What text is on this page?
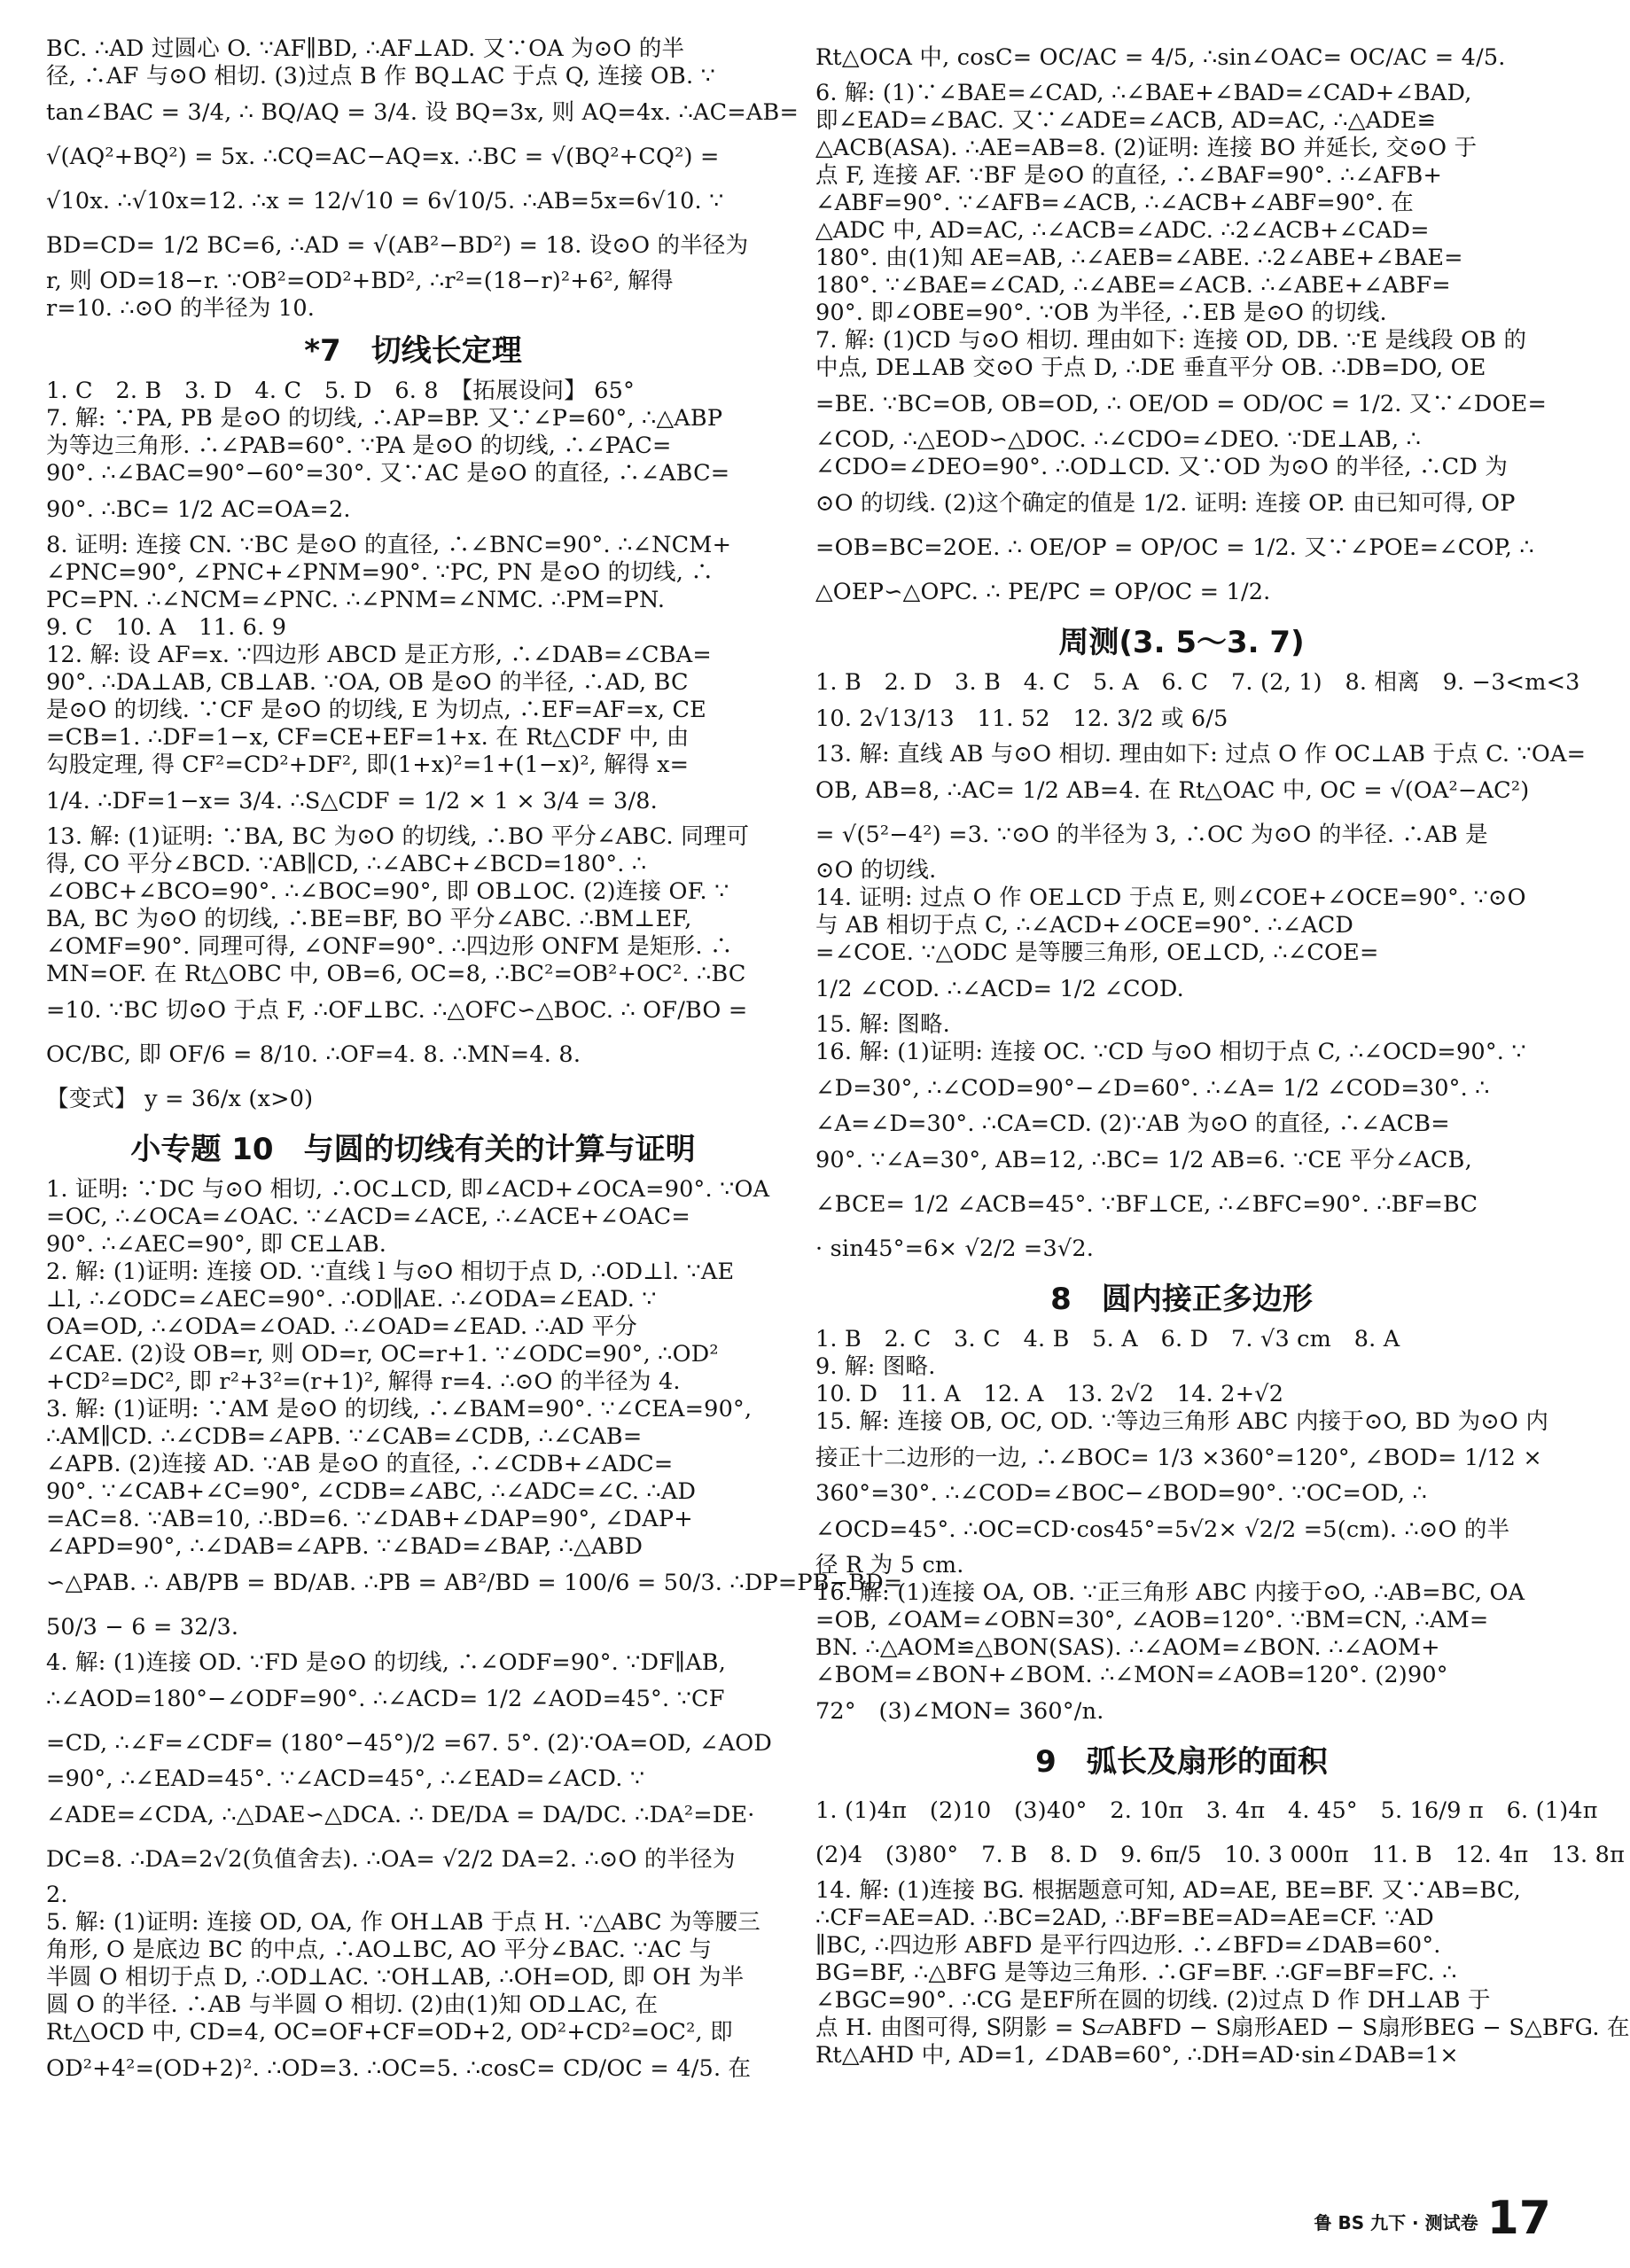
BC. ∴AD 过圆心 O. ∵AF∥BD, ∴AF⊥AD. 又∵OA 为⊙O 的半
径, ∴AF 与⊙O 相切. (3)过点 B 作 BQ⊥AC 于点 Q, 连接 OB. ∵
tan∠BAC = 3/4, ∴ BQ/AQ = 3/4. 设 BQ=3x, 则 AQ=4x. ∴AC=AB=
√(AQ²+BQ²) = 5x. ∴CQ=AC−AQ=x. ∴BC = √(BQ²+CQ²) =
√10x. ∴√10x=12. ∴x = 12/√10 = 6√10/5. ∴AB=5x=6√10. ∵
BD=CD= 1/2 BC=6, ∴AD = √(AB²−BD²) = 18. 设⊙O 的半径为
r, 则 OD=18−r. ∵OB²=OD²+BD², ∴r²=(18−r)²+6², 解得
r=10. ∴⊙O 的半径为 10.
*7　切线长定理
1. C　2. B　3. D　4. C　5. D　6. 8　【拓展设问】 65°
7. 解: ∵PA, PB 是⊙O 的切线, ∴AP=BP. 又∵∠P=60°, ∴△ABP
为等边三角形. ∴∠PAB=60°. ∵PA 是⊙O 的切线, ∴∠PAC=
90°. ∴∠BAC=90°−60°=30°. 又∵AC 是⊙O 的直径, ∴∠ABC=
90°. ∴BC= 1/2 AC=OA=2.
8. 证明: 连接 CN. ∵BC 是⊙O 的直径, ∴∠BNC=90°. ∴∠NCM+
∠PNC=90°, ∠PNC+∠PNM=90°. ∵PC, PN 是⊙O 的切线, ∴
PC=PN. ∴∠NCM=∠PNC. ∴∠PNM=∠NMC. ∴PM=PN.
9. C　10. A　11. 6. 9
12. 解: 设 AF=x. ∵四边形 ABCD 是正方形, ∴∠DAB=∠CBA=
90°. ∴DA⊥AB, CB⊥AB. ∵OA, OB 是⊙O 的半径, ∴AD, BC
是⊙O 的切线. ∵CF 是⊙O 的切线, E 为切点, ∴EF=AF=x, CE
=CB=1. ∴DF=1−x, CF=CE+EF=1+x. 在 Rt△CDF 中, 由
勾股定理, 得 CF²=CD²+DF², 即(1+x)²=1+(1−x)², 解得 x=
1/4. ∴DF=1−x= 3/4. ∴S△CDF = 1/2 × 1 × 3/4 = 3/8.
13. 解: (1)证明: ∵BA, BC 为⊙O 的切线, ∴BO 平分∠ABC. 同理可
得, CO 平分∠BCD. ∵AB∥CD, ∴∠ABC+∠BCD=180°. ∴
∠OBC+∠BCO=90°. ∴∠BOC=90°, 即 OB⊥OC. (2)连接 OF. ∵
BA, BC 为⊙O 的切线, ∴BE=BF, BO 平分∠ABC. ∴BM⊥EF,
∠OMF=90°. 同理可得, ∠ONF=90°. ∴四边形 ONFM 是矩形. ∴
MN=OF. 在 Rt△OBC 中, OB=6, OC=8, ∴BC²=OB²+OC². ∴BC
=10. ∵BC 切⊙O 于点 F, ∴OF⊥BC. ∴△OFC∽△BOC. ∴ OF/BO =
OC/BC, 即 OF/6 = 8/10. ∴OF=4. 8. ∴MN=4. 8.
【变式】 y = 36/x (x>0)
小专题 10　与圆的切线有关的计算与证明
1. 证明: ∵DC 与⊙O 相切, ∴OC⊥CD, 即∠ACD+∠OCA=90°. ∵OA
=OC, ∴∠OCA=∠OAC. ∵∠ACD=∠ACE, ∴∠ACE+∠OAC=
90°. ∴∠AEC=90°, 即 CE⊥AB.
2. 解: (1)证明: 连接 OD. ∵直线 l 与⊙O 相切于点 D, ∴OD⊥l. ∵AE
⊥l, ∴∠ODC=∠AEC=90°. ∴OD∥AE. ∴∠ODA=∠EAD. ∵
OA=OD, ∴∠ODA=∠OAD. ∴∠OAD=∠EAD. ∴AD 平分
∠CAE. (2)设 OB=r, 则 OD=r, OC=r+1. ∵∠ODC=90°, ∴OD²
+CD²=DC², 即 r²+3²=(r+1)², 解得 r=4. ∴⊙O 的半径为 4.
3. 解: (1)证明: ∵AM 是⊙O 的切线, ∴∠BAM=90°. ∵∠CEA=90°,
∴AM∥CD. ∴∠CDB=∠APB. ∵∠CAB=∠CDB, ∴∠CAB=
∠APB. (2)连接 AD. ∵AB 是⊙O 的直径, ∴∠CDB+∠ADC=
90°. ∵∠CAB+∠C=90°, ∠CDB=∠ABC, ∴∠ADC=∠C. ∴AD
=AC=8. ∵AB=10, ∴BD=6. ∵∠DAB+∠DAP=90°, ∠DAP+
∠APD=90°, ∴∠DAB=∠APB. ∵∠BAD=∠BAP, ∴△ABD
∽△PAB. ∴ AB/PB = BD/AB. ∴PB = AB²/BD = 100/6 = 50/3. ∴DP=PB−BD=
50/3 − 6 = 32/3.
4. 解: (1)连接 OD. ∵FD 是⊙O 的切线, ∴∠ODF=90°. ∵DF∥AB,
∴∠AOD=180°−∠ODF=90°. ∴∠ACD= 1/2 ∠AOD=45°. ∵CF
=CD, ∴∠F=∠CDF= (180°−45°)/2 =67. 5°. (2)∵OA=OD, ∠AOD
=90°, ∴∠EAD=45°. ∵∠ACD=45°, ∴∠EAD=∠ACD. ∵
∠ADE=∠CDA, ∴△DAE∽△DCA. ∴ DE/DA = DA/DC. ∴DA²=DE·
DC=8. ∴DA=2√2(负值舍去). ∴OA= √2/2 DA=2. ∴⊙O 的半径为
2.
5. 解: (1)证明: 连接 OD, OA, 作 OH⊥AB 于点 H. ∵△ABC 为等腰三
角形, O 是底边 BC 的中点, ∴AO⊥BC, AO 平分∠BAC. ∵AC 与
半圆 O 相切于点 D, ∴OD⊥AC. ∵OH⊥AB, ∴OH=OD, 即 OH 为半
圆 O 的半径. ∴AB 与半圆 O 相切. (2)由(1)知 OD⊥AC, 在
Rt△OCD 中, CD=4, OC=OF+CF=OD+2, OD²+CD²=OC², 即
OD²+4²=(OD+2)². ∴OD=3. ∴OC=5. ∴cosC= CD/OC = 4/5. 在
Rt△OCA 中, cosC= OC/AC = 4/5, ∴sin∠OAC= OC/AC = 4/5.
6. 解: (1)∵∠BAE=∠CAD, ∴∠BAE+∠BAD=∠CAD+∠BAD,
即∠EAD=∠BAC. 又∵∠ADE=∠ACB, AD=AC, ∴△ADE≌
△ACB(ASA). ∴AE=AB=8. (2)证明: 连接 BO 并延长, 交⊙O 于
点 F, 连接 AF. ∵BF 是⊙O 的直径, ∴∠BAF=90°. ∴∠AFB+
∠ABF=90°. ∵∠AFB=∠ACB, ∴∠ACB+∠ABF=90°. 在
△ADC 中, AD=AC, ∴∠ACB=∠ADC. ∴2∠ACB+∠CAD=
180°. 由(1)知 AE=AB, ∴∠AEB=∠ABE. ∴2∠ABE+∠BAE=
180°. ∵∠BAE=∠CAD, ∴∠ABE=∠ACB. ∴∠ABE+∠ABF=
90°. 即∠OBE=90°. ∵OB 为半径, ∴EB 是⊙O 的切线.
7. 解: (1)CD 与⊙O 相切. 理由如下: 连接 OD, DB. ∵E 是线段 OB 的
中点, DE⊥AB 交⊙O 于点 D, ∴DE 垂直平分 OB. ∴DB=DO, OE
=BE. ∵BC=OB, OB=OD, ∴ OE/OD = OD/OC = 1/2. 又∵∠DOE=
∠COD, ∴△EOD∽△DOC. ∴∠CDO=∠DEO. ∵DE⊥AB, ∴
∠CDO=∠DEO=90°. ∴OD⊥CD. 又∵OD 为⊙O 的半径, ∴CD 为
⊙O 的切线. (2)这个确定的值是 1/2. 证明: 连接 OP. 由已知可得, OP
=OB=BC=2OE. ∴ OE/OP = OP/OC = 1/2. 又∵∠POE=∠COP, ∴
△OEP∽△OPC. ∴ PE/PC = OP/OC = 1/2.
周测(3. 5～3. 7)
1. B　2. D　3. B　4. C　5. A　6. C　7. (2, 1)　8. 相离　9. −3<m<3
10. 2√13/13　11. 52　12. 3/2 或 6/5
13. 解: 直线 AB 与⊙O 相切. 理由如下: 过点 O 作 OC⊥AB 于点 C. ∵OA=
OB, AB=8, ∴AC= 1/2 AB=4. 在 Rt△OAC 中, OC = √(OA²−AC²)
= √(5²−4²) =3. ∵⊙O 的半径为 3, ∴OC 为⊙O 的半径. ∴AB 是
⊙O 的切线.
14. 证明: 过点 O 作 OE⊥CD 于点 E, 则∠COE+∠OCE=90°. ∵⊙O
与 AB 相切于点 C, ∴∠ACD+∠OCE=90°. ∴∠ACD
=∠COE. ∵△ODC 是等腰三角形, OE⊥CD, ∴∠COE=
1/2 ∠COD. ∴∠ACD= 1/2 ∠COD.
15. 解: 图略.
16. 解: (1)证明: 连接 OC. ∵CD 与⊙O 相切于点 C, ∴∠OCD=90°. ∵
∠D=30°, ∴∠COD=90°−∠D=60°. ∴∠A= 1/2 ∠COD=30°. ∴
∠A=∠D=30°. ∴CA=CD. (2)∵AB 为⊙O 的直径, ∴∠ACB=
90°. ∵∠A=30°, AB=12, ∴BC= 1/2 AB=6. ∵CE 平分∠ACB,
∠BCE= 1/2 ∠ACB=45°. ∵BF⊥CE, ∴∠BFC=90°. ∴BF=BC
· sin45°=6× √2/2 =3√2.
8　圆内接正多边形
1. B　2. C　3. C　4. B　5. A　6. D　7. √3 cm　8. A
9. 解: 图略.
10. D　11. A　12. A　13. 2√2　14. 2+√2
15. 解: 连接 OB, OC, OD. ∵等边三角形 ABC 内接于⊙O, BD 为⊙O 内
接正十二边形的一边, ∴∠BOC= 1/3 ×360°=120°, ∠BOD= 1/12 ×
360°=30°. ∴∠COD=∠BOC−∠BOD=90°. ∵OC=OD, ∴
∠OCD=45°. ∴OC=CD·cos45°=5√2× √2/2 =5(cm). ∴⊙O 的半
径 R 为 5 cm.
16. 解: (1)连接 OA, OB. ∵正三角形 ABC 内接于⊙O, ∴AB=BC, OA
=OB, ∠OAM=∠OBN=30°, ∠AOB=120°. ∵BM=CN, ∴AM=
BN. ∴△AOM≌△BON(SAS). ∴∠AOM=∠BON. ∴∠AOM+
∠BOM=∠BON+∠BOM. ∴∠MON=∠AOB=120°. (2)90°
72°　(3)∠MON= 360°/n.
9　弧长及扇形的面积
1. (1)4π　(2)10　(3)40°　2. 10π　3. 4π　4. 45°　5. 16/9 π　6. (1)4π
(2)4　(3)80°　7. B　8. D　9. 6π/5　10. 3 000π　11. B　12. 4π　13. 8π
14. 解: (1)连接 BG. 根据题意可知, AD=AE, BE=BF. 又∵AB=BC,
∴CF=AE=AD. ∴BC=2AD, ∴BF=BE=AD=AE=CF. ∵AD
∥BC, ∴四边形 ABFD 是平行四边形. ∴∠BFD=∠DAB=60°.
BG=BF, ∴△BFG 是等边三角形. ∴GF=BF. ∴GF=BF=FC. ∴
∠BGC=90°. ∴CG 是EF所在圆的切线. (2)过点 D 作 DH⊥AB 于
点 H. 由图可得, S阴影 = S▱ABFD − S扇形AED − S扇形BEG − S△BFG. 在
Rt△AHD 中, AD=1, ∠DAB=60°, ∴DH=AD·sin∠DAB=1×
鲁 BS 九下 · 测试卷 17
